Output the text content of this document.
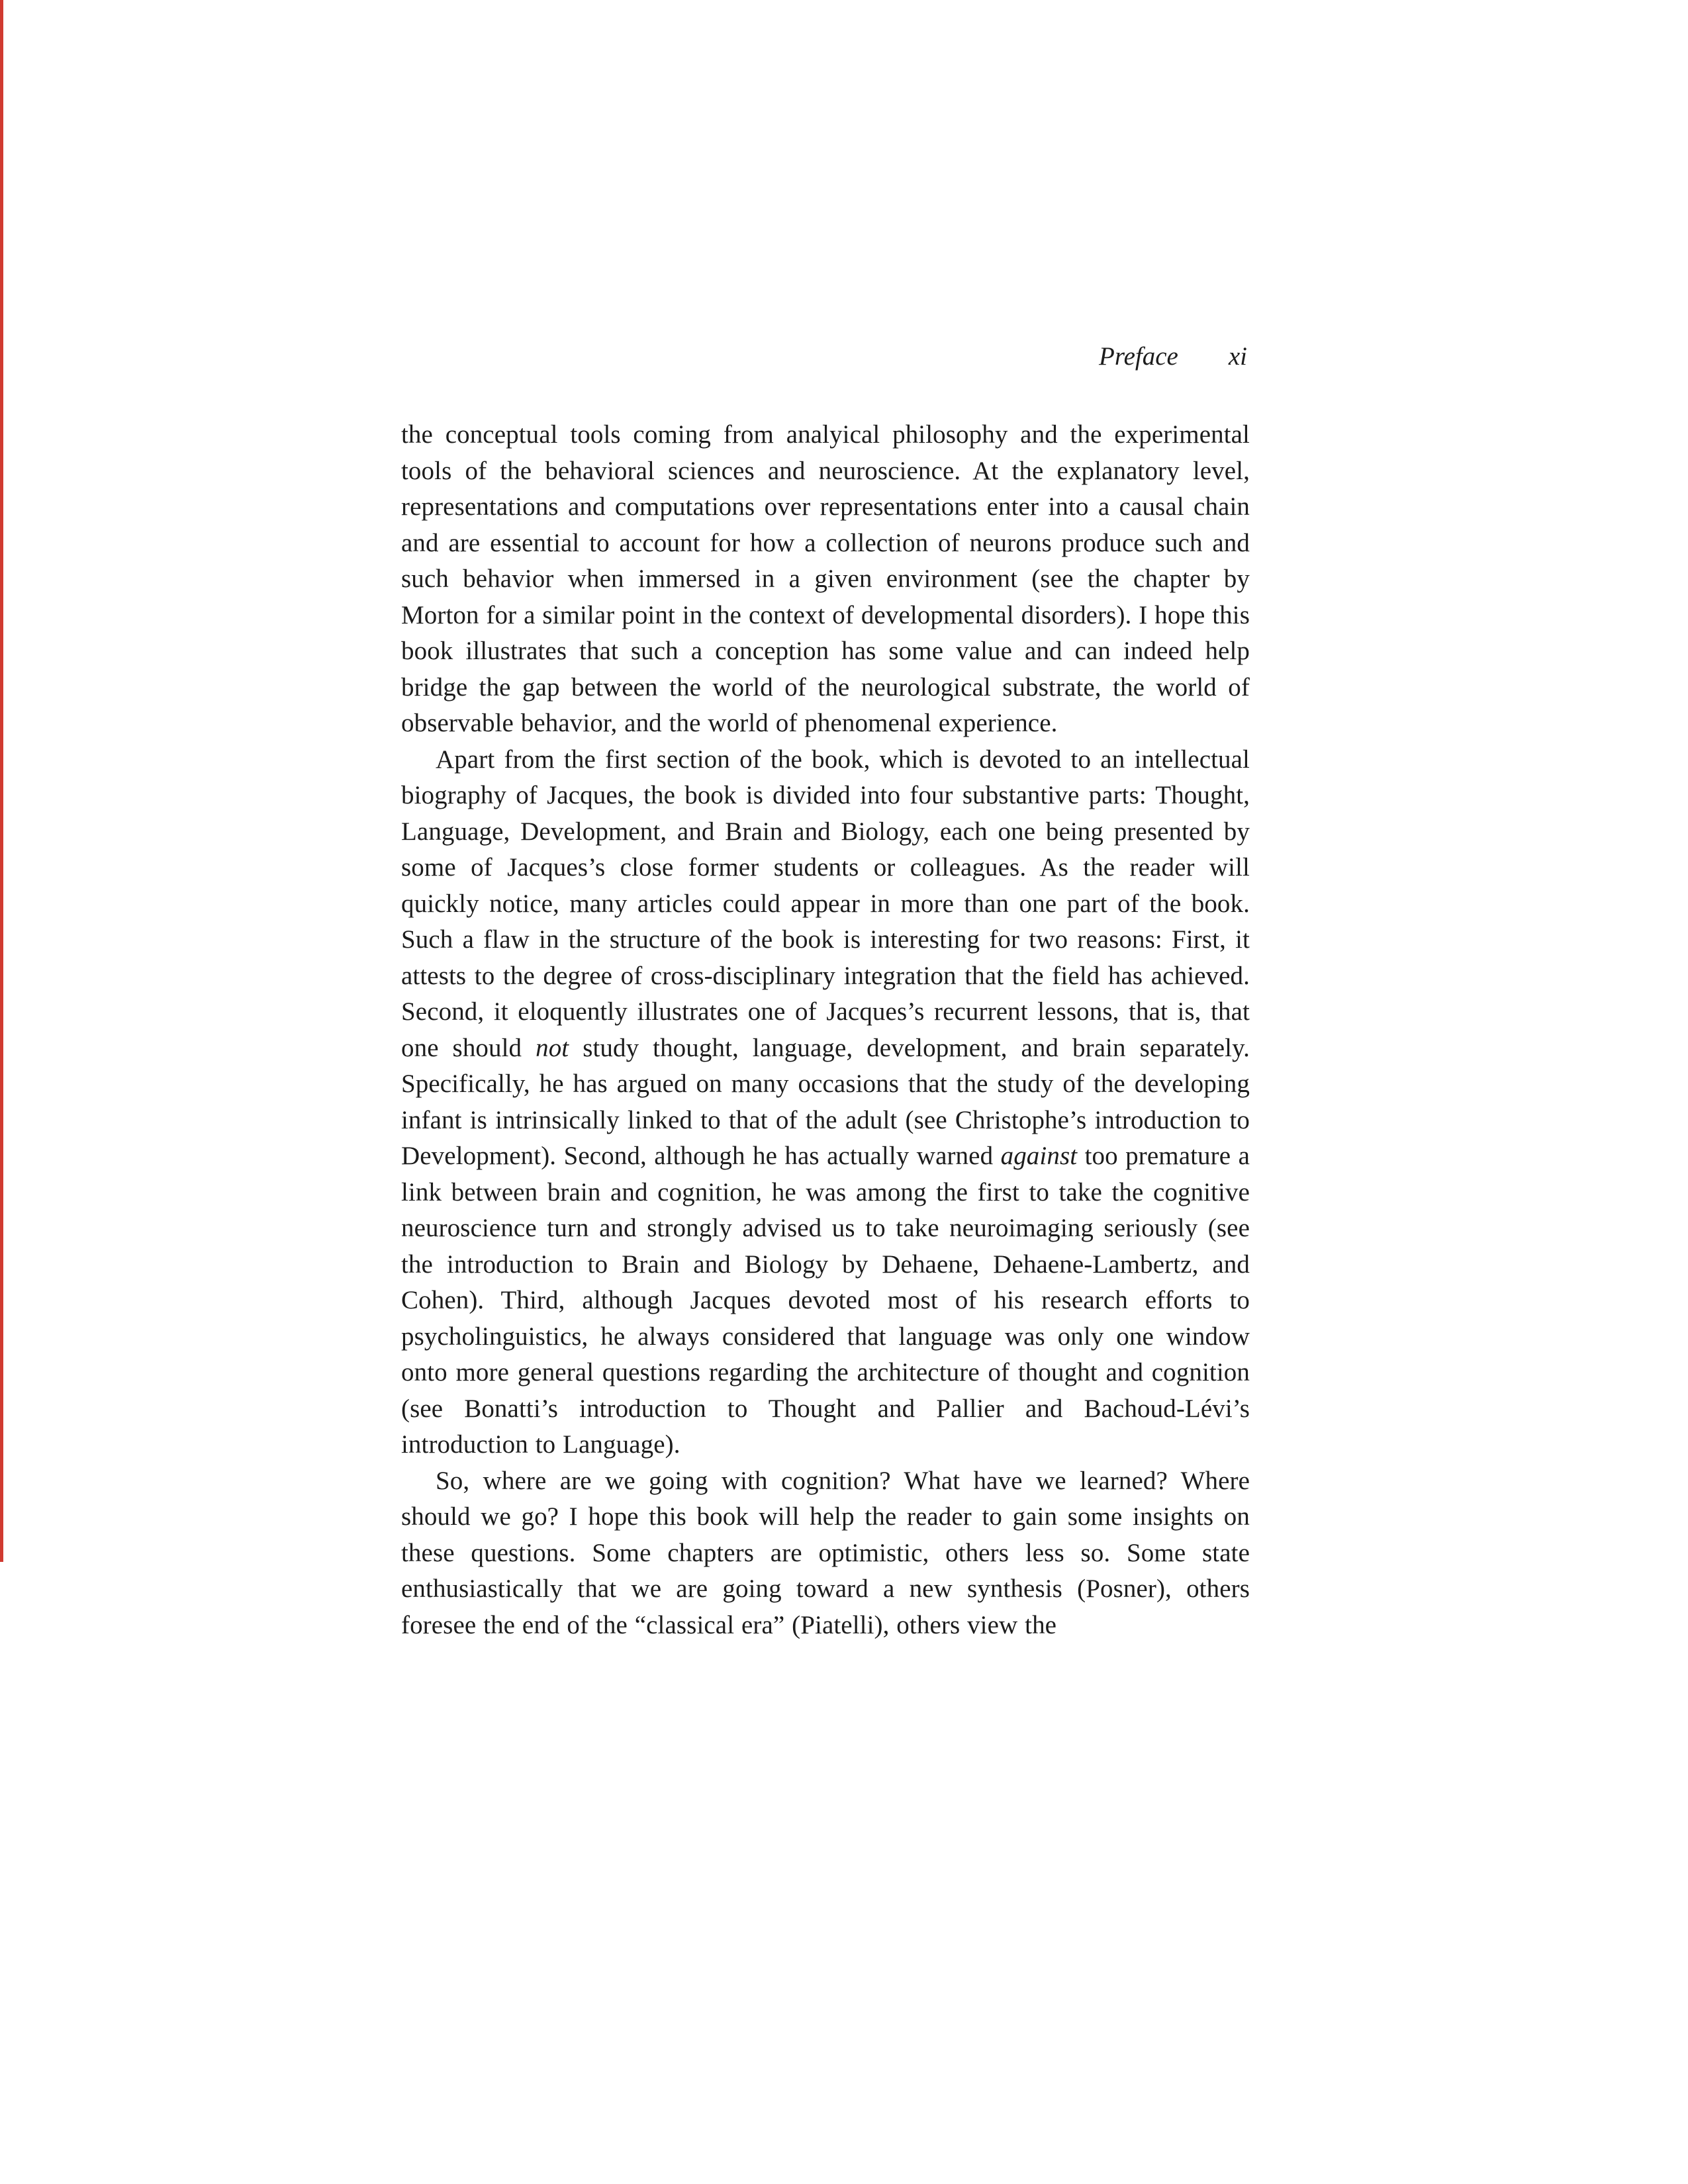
Preface xi

the conceptual tools coming from analyical philosophy and the experimental tools of the behavioral sciences and neuroscience. At the explanatory level, representations and computations over representations enter into a causal chain and are essential to account for how a collection of neurons produce such and such behavior when immersed in a given environment (see the chapter by Morton for a similar point in the context of developmental disorders). I hope this book illustrates that such a conception has some value and can indeed help bridge the gap between the world of the neurological substrate, the world of observable behavior, and the world of phenomenal experience.

Apart from the first section of the book, which is devoted to an intellectual biography of Jacques, the book is divided into four substantive parts: Thought, Language, Development, and Brain and Biology, each one being presented by some of Jacques’s close former students or colleagues. As the reader will quickly notice, many articles could appear in more than one part of the book. Such a flaw in the structure of the book is interesting for two reasons: First, it attests to the degree of cross-disciplinary integration that the field has achieved. Second, it eloquently illustrates one of Jacques’s recurrent lessons, that is, that one should not study thought, language, development, and brain separately. Specifically, he has argued on many occasions that the study of the developing infant is intrinsically linked to that of the adult (see Christophe’s introduction to Development). Second, although he has actually warned against too premature a link between brain and cognition, he was among the first to take the cognitive neuroscience turn and strongly advised us to take neuroimaging seriously (see the introduction to Brain and Biology by Dehaene, Dehaene-Lambertz, and Cohen). Third, although Jacques devoted most of his research efforts to psycholinguistics, he always considered that language was only one window onto more general questions regarding the architecture of thought and cognition (see Bonatti’s introduction to Thought and Pallier and Bachoud-Lévi’s introduction to Language).

So, where are we going with cognition? What have we learned? Where should we go? I hope this book will help the reader to gain some insights on these questions. Some chapters are optimistic, others less so. Some state enthusiastically that we are going toward a new synthesis (Posner), others foresee the end of the “classical era” (Piatelli), others view the
